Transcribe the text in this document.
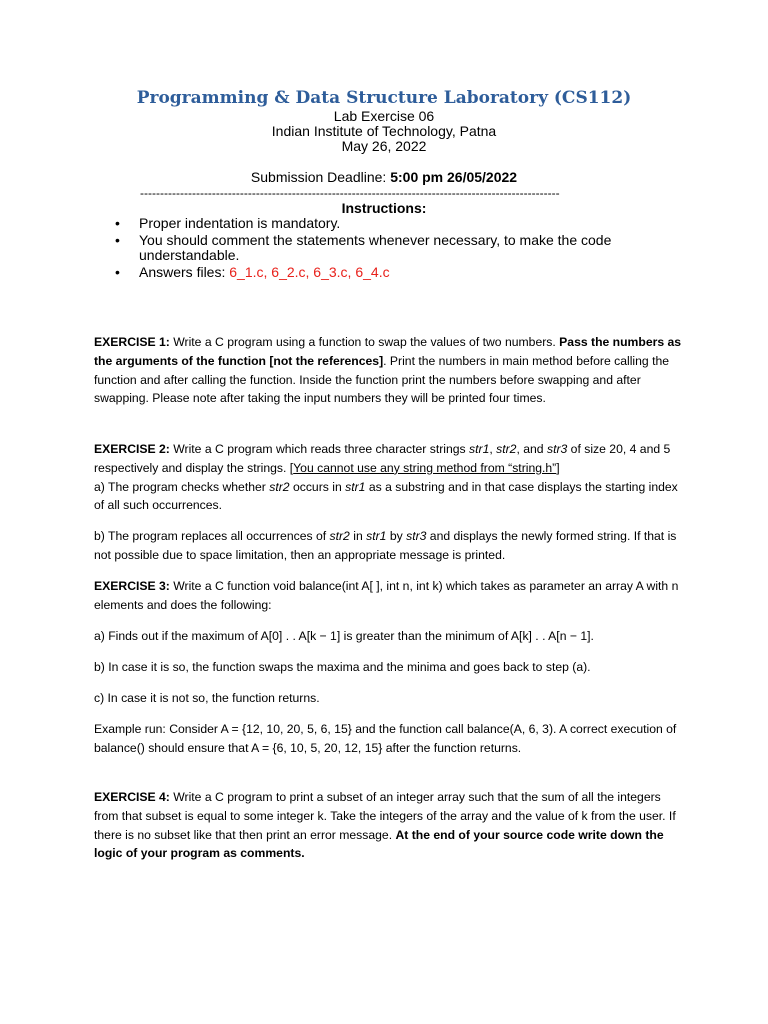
Programming & Data Structure Laboratory (CS112)
Lab Exercise 06
Indian Institute of Technology, Patna
May 26, 2022
Submission Deadline: 5:00 pm 26/05/2022
---------------------------------------------------------------------------------------------------------
Instructions:
• Proper indentation is mandatory.
• You should comment the statements whenever necessary, to make the code understandable.
• Answers files: 6_1.c, 6_2.c, 6_3.c, 6_4.c

EXERCISE 1: Write a C program using a function to swap the values of two numbers. Pass the numbers as the arguments of the function [not the references]. Print the numbers in main method before calling the function and after calling the function. Inside the function print the numbers before swapping and after swapping. Please note after taking the input numbers they will be printed four times.

EXERCISE 2: Write a C program which reads three character strings str1, str2, and str3 of size 20, 4 and 5 respectively and display the strings. [You cannot use any string method from “string.h”]
a) The program checks whether str2 occurs in str1 as a substring and in that case displays the starting index of all such occurrences.

b) The program replaces all occurrences of str2 in str1 by str3 and displays the newly formed string. If that is not possible due to space limitation, then an appropriate message is printed.

EXERCISE 3: Write a C function void balance(int A[ ], int n, int k) which takes as parameter an array A with n elements and does the following:

a) Finds out if the maximum of A[0] . . A[k − 1] is greater than the minimum of A[k] . . A[n − 1].

b) In case it is so, the function swaps the maxima and the minima and goes back to step (a).

c) In case it is not so, the function returns.

Example run: Consider A = {12, 10, 20, 5, 6, 15} and the function call balance(A, 6, 3). A correct execution of balance() should ensure that A = {6, 10, 5, 20, 12, 15} after the function returns.

EXERCISE 4: Write a C program to print a subset of an integer array such that the sum of all the integers from that subset is equal to some integer k. Take the integers of the array and the value of k from the user. If there is no subset like that then print an error message. At the end of your source code write down the logic of your program as comments.
